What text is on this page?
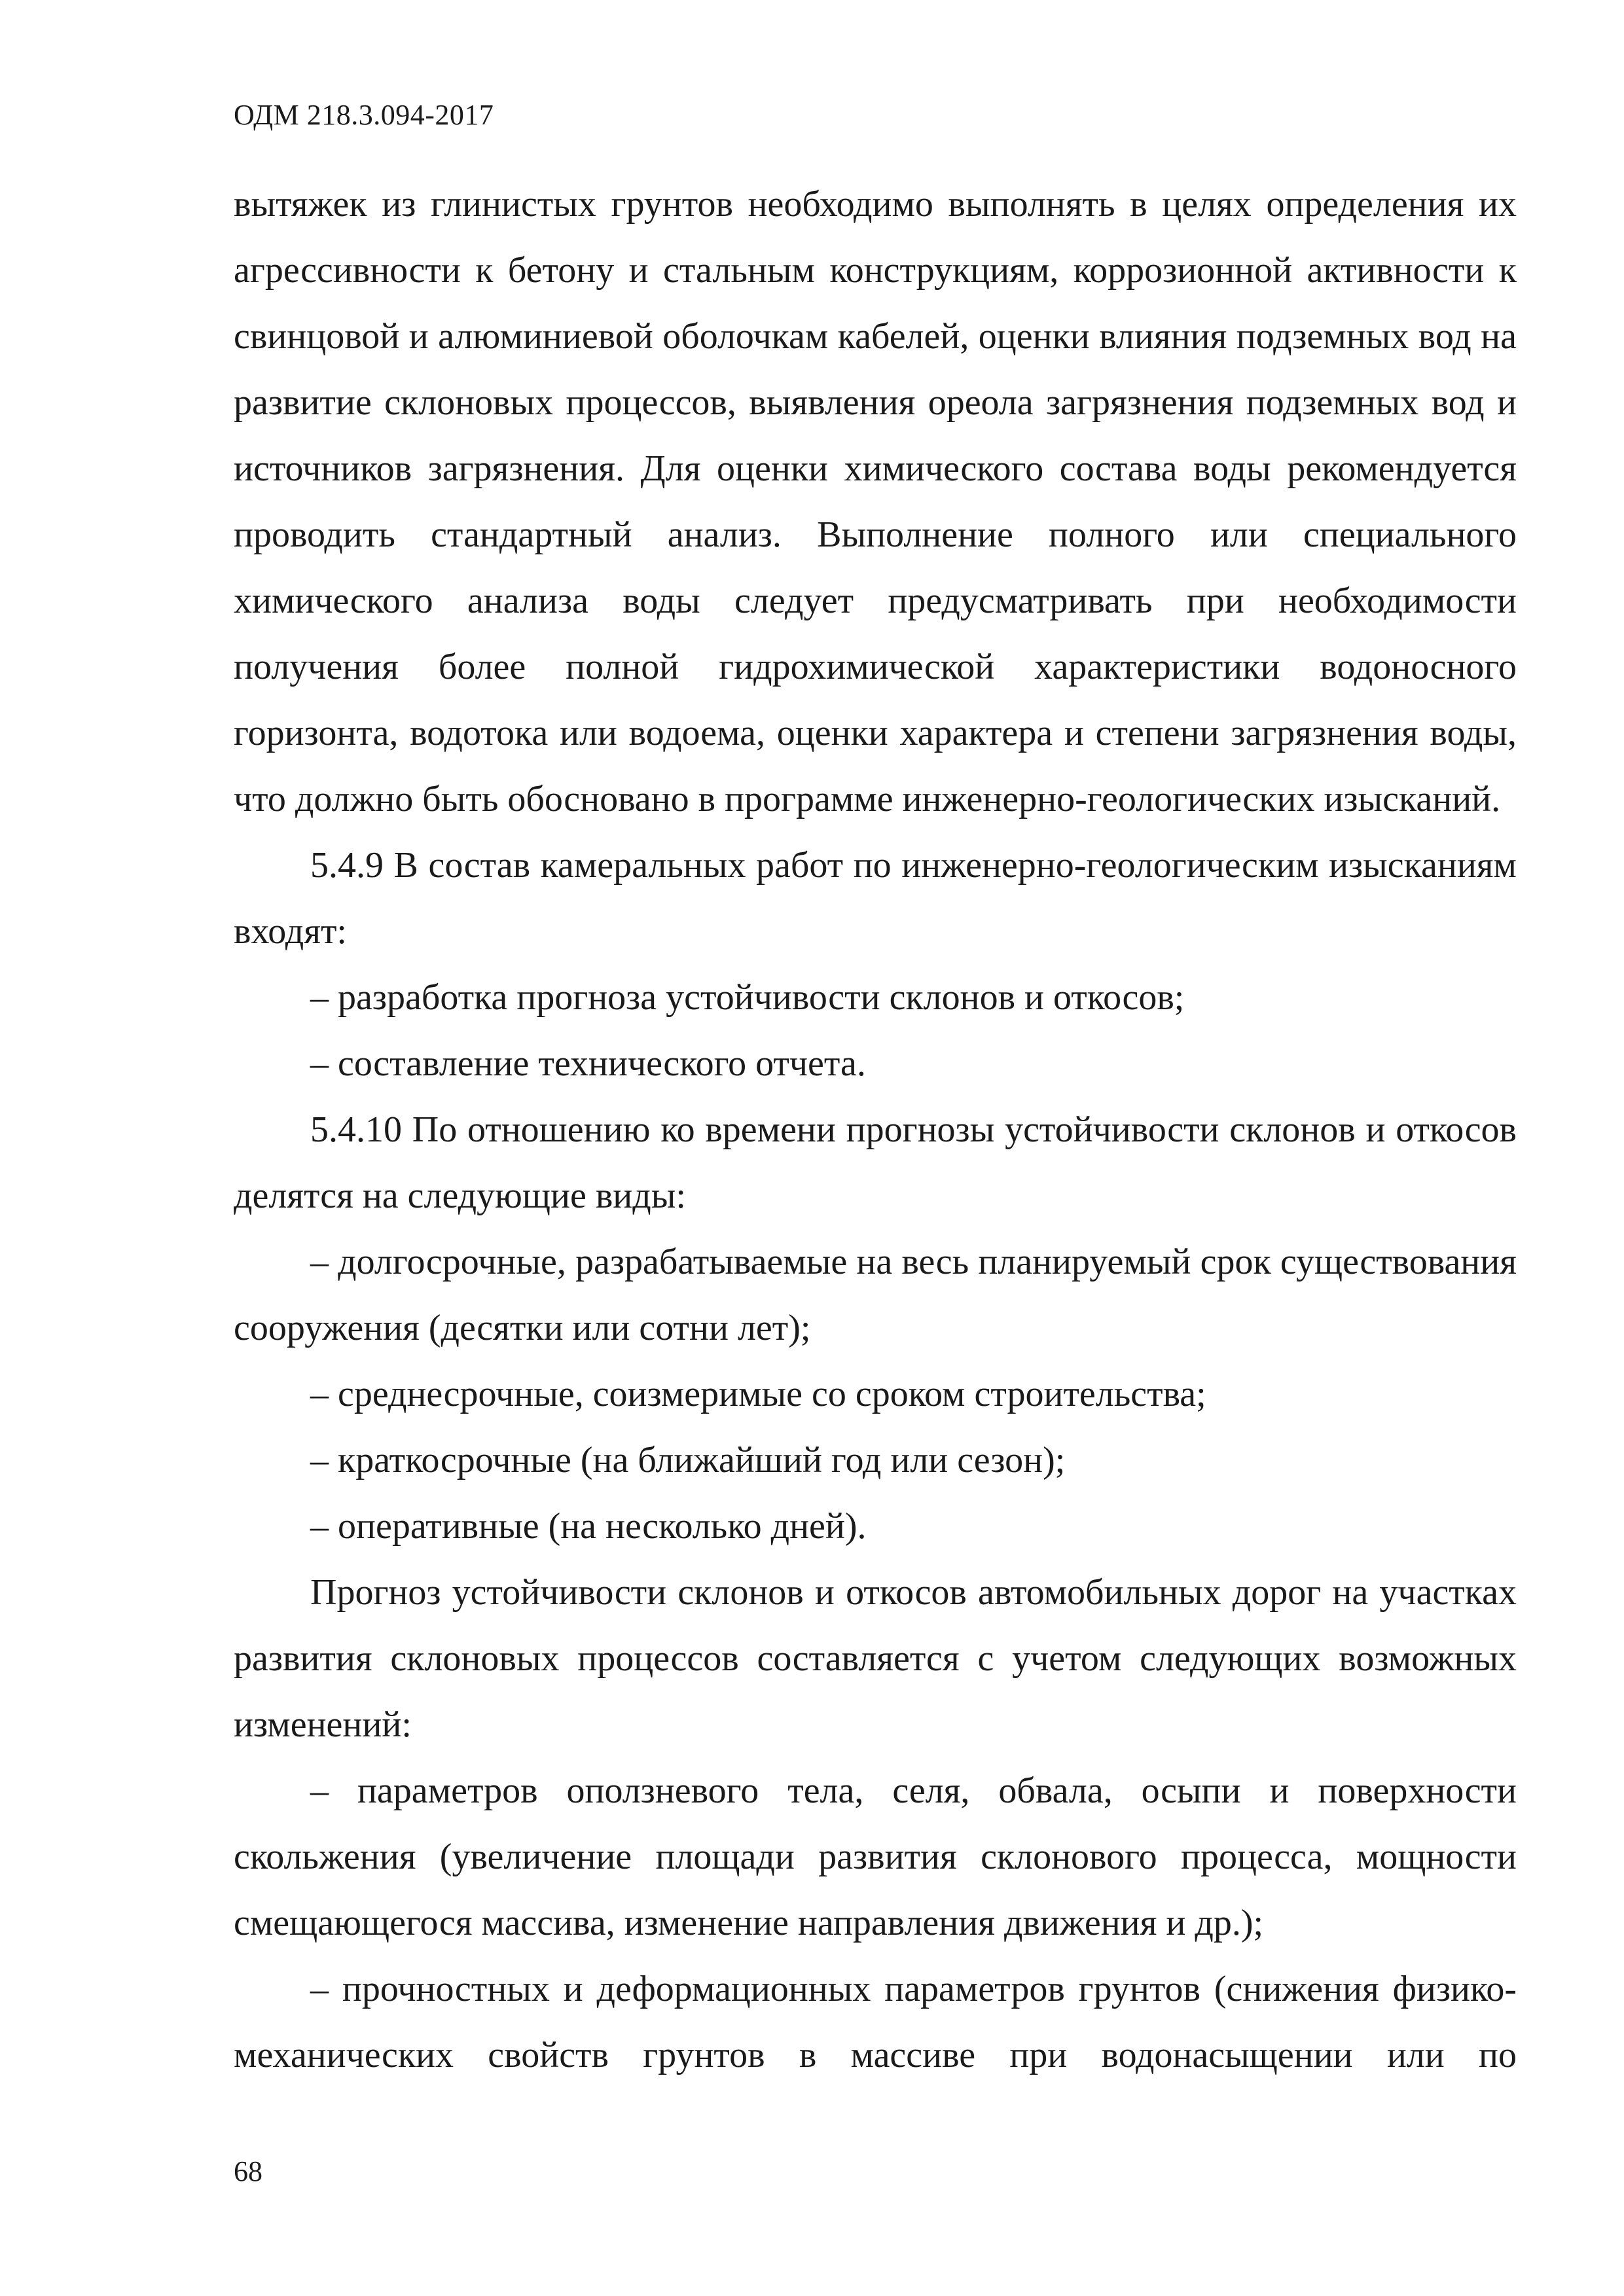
ОДМ 218.3.094-2017

вытяжек из глинистых грунтов необходимо выполнять в целях определения их агрессивности к бетону и стальным конструкциям, коррозионной активности к свинцовой и алюминиевой оболочкам кабелей, оценки влияния подземных вод на развитие склоновых процессов, выявления ореола загрязнения подземных вод и источников загрязнения. Для оценки химического состава воды рекомендуется проводить стандартный анализ. Выполнение полного или специального химического анализа воды следует предусматривать при необходимости получения более полной гидрохимической характеристики водоносного горизонта, водотока или водоема, оценки характера и степени загрязнения воды, что должно быть обосновано в программе инженерно-геологических изысканий.

5.4.9 В состав камеральных работ по инженерно-геологическим изысканиям входят:

– разработка прогноза устойчивости склонов и откосов;

– составление технического отчета.

5.4.10 По отношению ко времени прогнозы устойчивости склонов и откосов делятся на следующие виды:

– долгосрочные, разрабатываемые на весь планируемый срок существования сооружения (десятки или сотни лет);

– среднесрочные, соизмеримые со сроком строительства;

– краткосрочные (на ближайший год или сезон);

– оперативные (на несколько дней).

Прогноз устойчивости склонов и откосов автомобильных дорог на участках развития склоновых процессов составляется с учетом следующих возможных изменений:

– параметров оползневого тела, селя, обвала, осыпи и поверхности скольжения (увеличение площади развития склонового процесса, мощности смещающегося массива, изменение направления движения и др.);

– прочностных и деформационных параметров грунтов (снижения физико-механических свойств грунтов в массиве при водонасыщении или по

68
